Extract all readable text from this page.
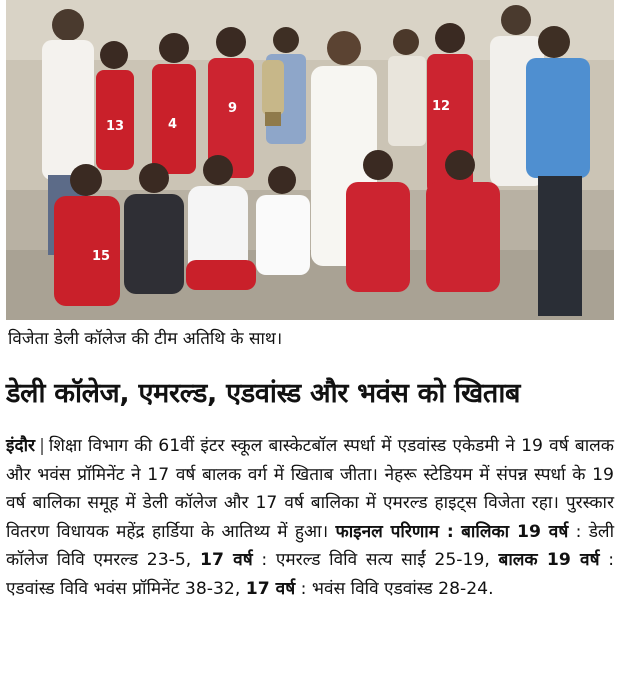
13	4
9	12
15
विजेता डेली कॉलेज की टीम अतिथि के साथ।
डेली कॉलेज, एमरल्ड, एडवांस्ड और भवंस को खिताब
इंदौर | शिक्षा विभाग की 61वीं इंटर स्कूल बास्केटबॉल स्पर्धा में एडवांस्ड एकेडमी ने 19 वर्ष बालक और भवंस प्रॉमिनेंट ने 17 वर्ष बालक वर्ग में खिताब जीता। नेहरू स्टेडियम में संपन्न स्पर्धा के 19 वर्ष बालिका समूह में डेली कॉलेज और 17 वर्ष बालिका में एमरल्ड हाइट्स विजेता रहा। पुरस्कार वितरण विधायक महेंद्र हार्डिया के आतिथ्य में हुआ। फाइनल परिणाम : बालिका 19 वर्ष : डेली कॉलेज विवि एमरल्ड 23-5, 17 वर्ष : एमरल्ड विवि सत्य साईं 25-19, बालक 19 वर्ष : एडवांस्ड विवि भवंस प्रॉमिनेंट 38-32, 17 वर्ष : भवंस विवि एडवांस्ड 28-24.
